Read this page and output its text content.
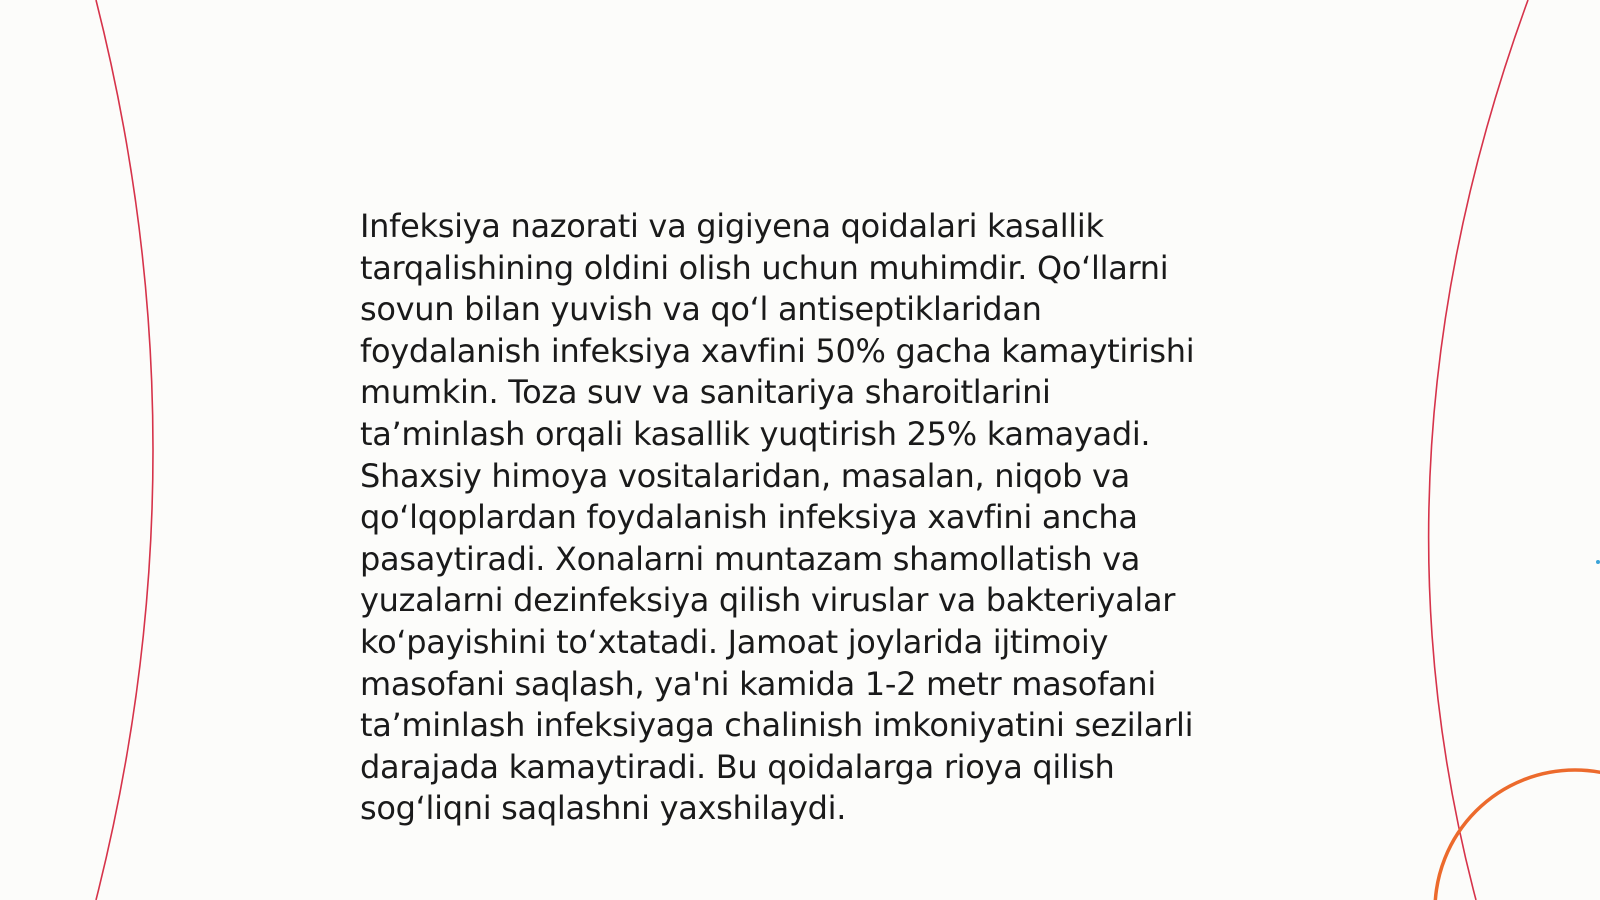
Infeksiya nazorati va gigiyena qoidalari kasallik
tarqalishining oldini olish uchun muhimdir. Qo‘llarni
sovun bilan yuvish va qo‘l antiseptiklaridan
foydalanish infeksiya xavfini 50% gacha kamaytirishi
mumkin. Toza suv va sanitariya sharoitlarini
ta’minlash orqali kasallik yuqtirish 25% kamayadi.
Shaxsiy himoya vositalaridan, masalan, niqob va
qo‘lqoplardan foydalanish infeksiya xavfini ancha
pasaytiradi. Xonalarni muntazam shamollatish va
yuzalarni dezinfeksiya qilish viruslar va bakteriyalar
ko‘payishini to‘xtatadi. Jamoat joylarida ijtimoiy
masofani saqlash, ya'ni kamida 1-2 metr masofani
ta’minlash infeksiyaga chalinish imkoniyatini sezilarli
darajada kamaytiradi. Bu qoidalarga rioya qilish
sog‘liqni saqlashni yaxshilaydi.
